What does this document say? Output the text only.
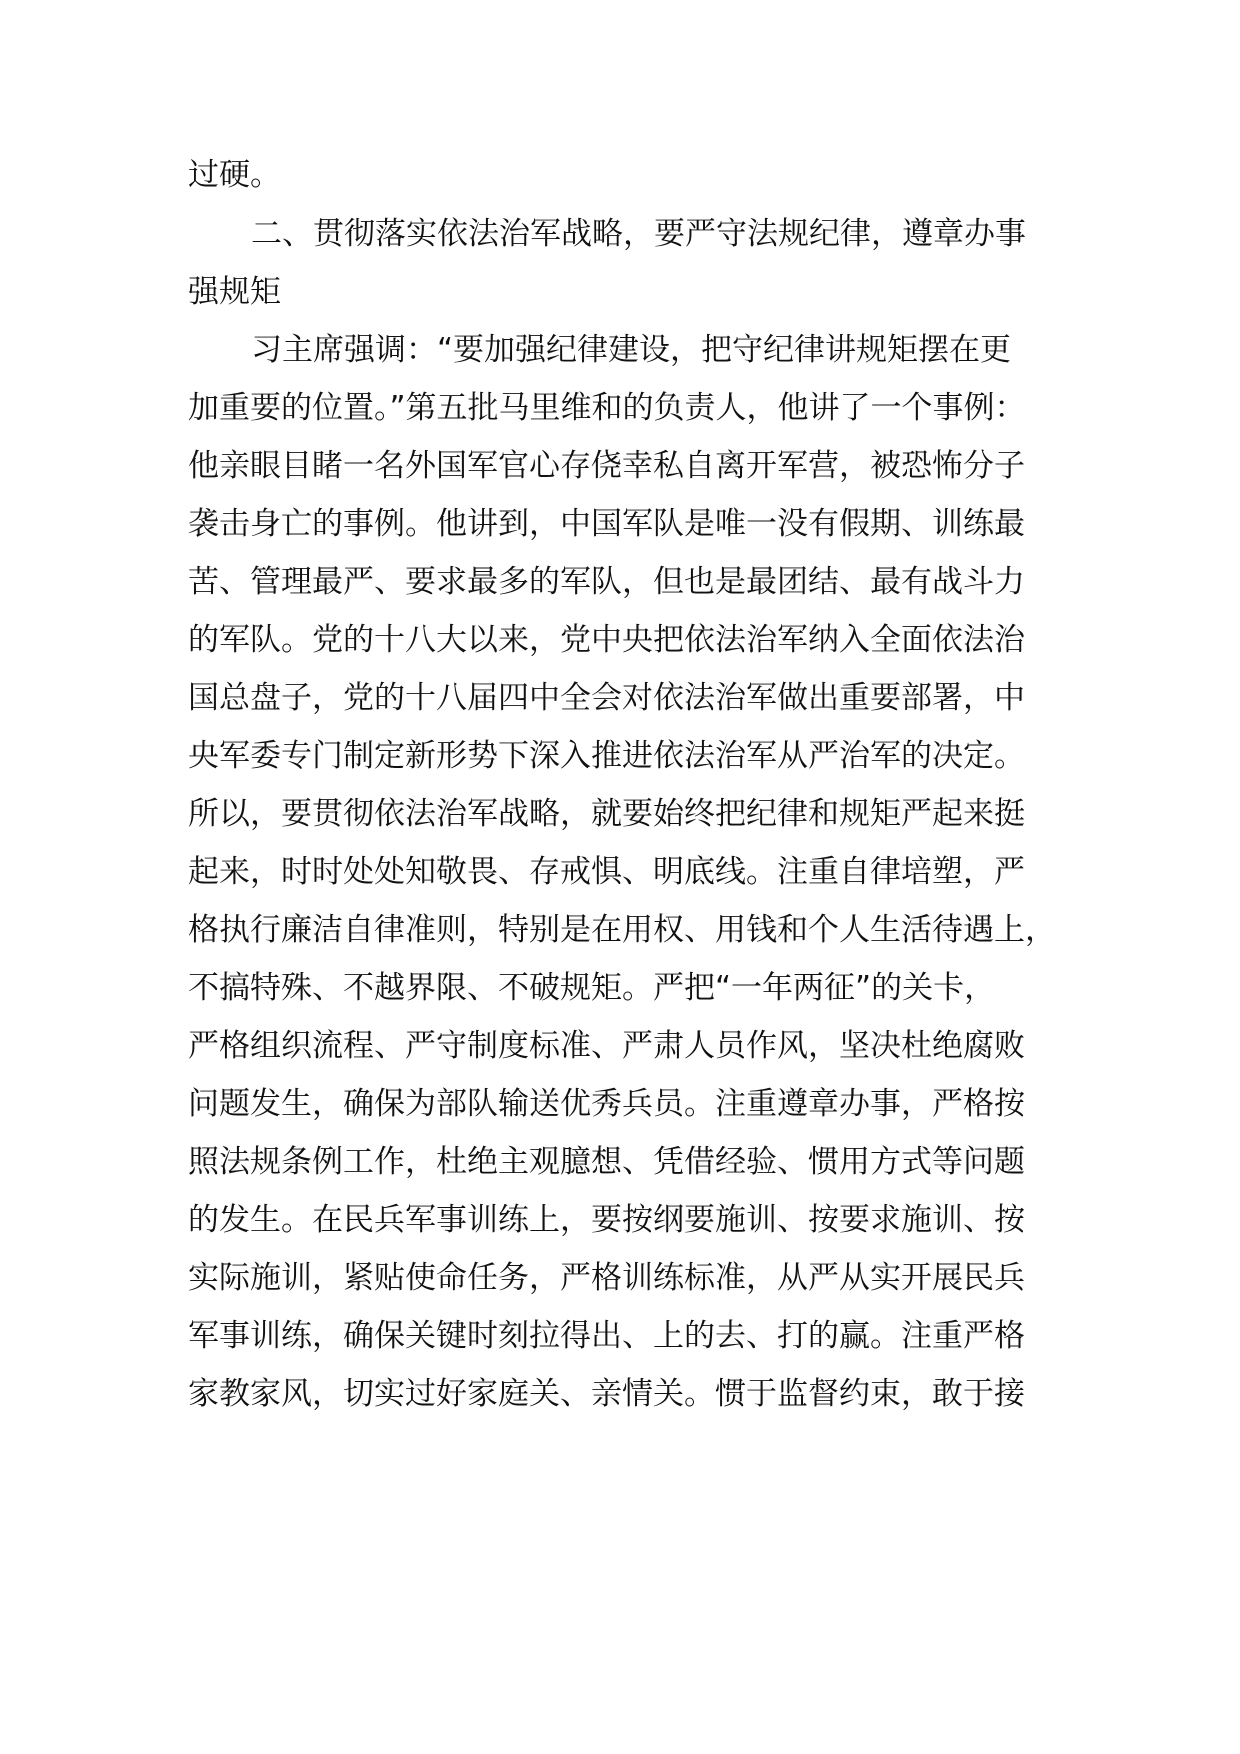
过硬。
二、贯彻落实依法治军战略，要严守法规纪律，遵章办事
强规矩
习主席强调：“要加强纪律建设，把守纪律讲规矩摆在更
加重要的位置。”第五批马里维和的负责人，他讲了一个事例：
他亲眼目睹一名外国军官心存侥幸私自离开军营，被恐怖分子
袭击身亡的事例。他讲到，中国军队是唯一没有假期、训练最
苦、管理最严、要求最多的军队，但也是最团结、最有战斗力
的军队。党的十八大以来，党中央把依法治军纳入全面依法治
国总盘子，党的十八届四中全会对依法治军做出重要部署，中
央军委专门制定新形势下深入推进依法治军从严治军的决定。
所以，要贯彻依法治军战略，就要始终把纪律和规矩严起来挺
起来，时时处处知敬畏、存戒惧、明底线。注重自律培塑，严
格执行廉洁自律准则，特别是在用权、用钱和个人生活待遇上，
不搞特殊、不越界限、不破规矩。严把“一年两征”的关卡，
严格组织流程、严守制度标准、严肃人员作风，坚决杜绝腐败
问题发生，确保为部队输送优秀兵员。注重遵章办事，严格按
照法规条例工作，杜绝主观臆想、凭借经验、惯用方式等问题
的发生。在民兵军事训练上，要按纲要施训、按要求施训、按
实际施训，紧贴使命任务，严格训练标准，从严从实开展民兵
军事训练，确保关键时刻拉得出、上的去、打的赢。注重严格
家教家风，切实过好家庭关、亲情关。惯于监督约束，敢于接
